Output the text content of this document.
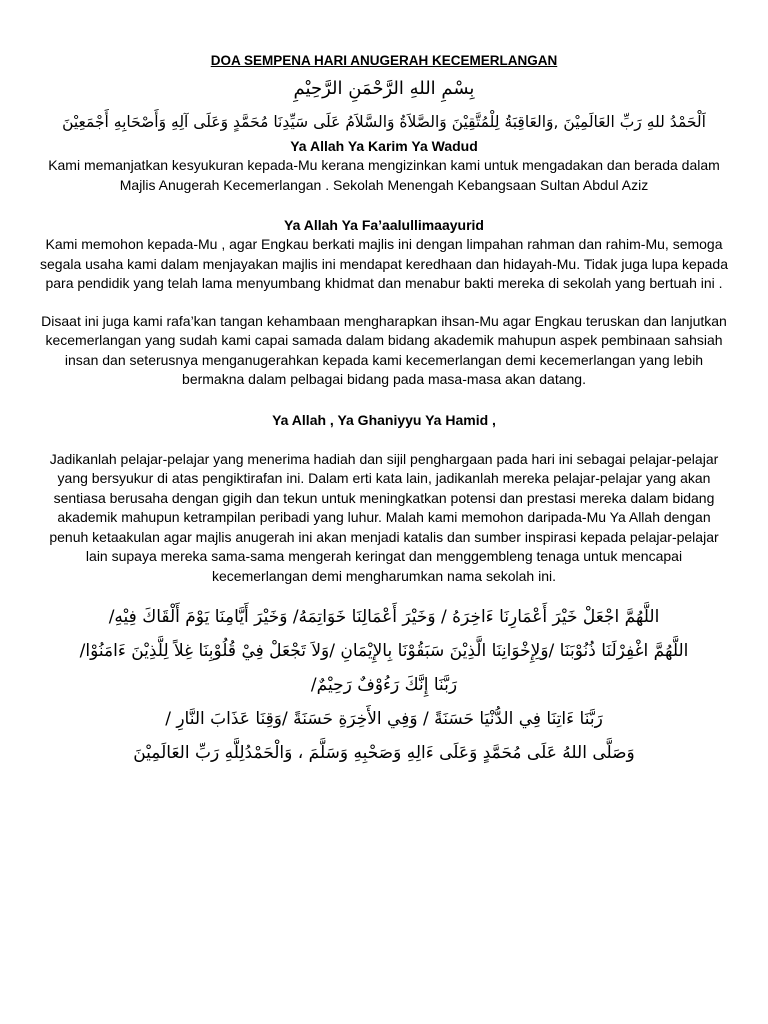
DOA SEMPENA HARI ANUGERAH KECEMERLANGAN

بِسْمِ اللهِ الرَّحْمَنِ الرَّحِيْمِ

اَلْحَمْدُ للهِ رَبِّ العَالَمِيْنَ ,وَالعَاقِبَةُ لِلْمُتَّقِيْنَ وَالصَّلاَةُ وَالسَّلاَمُ عَلَى سَيِّدِنَا مُحَمَّدٍ وَعَلَى آلِهِ وَأَصْحَابِهِ أَجْمَعِيْنَ

Ya Allah Ya Karim Ya Wadud

Kami memanjatkan kesyukuran kepada-Mu kerana mengizinkan kami untuk mengadakan dan berada dalam

Majlis Anugerah Kecemerlangan . Sekolah Menengah Kebangsaan Sultan Abdul Aziz

Ya Allah Ya Fa’aalullimaayurid

Kami memohon kepada-Mu , agar Engkau berkati majlis ini dengan limpahan rahman dan rahim-Mu, semoga segala usaha kami dalam menjayakan majlis ini mendapat keredhaan dan hidayah-Mu. Tidak juga lupa kepada para pendidik yang telah lama menyumbang khidmat dan menabur bakti mereka di sekolah yang bertuah ini .

Disaat ini juga kami rafa’kan tangan kehambaan mengharapkan ihsan-Mu agar Engkau teruskan dan lanjutkan kecemerlangan yang sudah kami capai samada dalam bidang akademik mahupun aspek pembinaan sahsiah insan dan seterusnya menganugerahkan kepada kami kecemerlangan demi kecemerlangan yang lebih bermakna dalam pelbagai bidang pada masa-masa akan datang.

Ya Allah , Ya Ghaniyyu Ya Hamid ,

Jadikanlah pelajar-pelajar yang menerima hadiah dan sijil penghargaan pada hari ini sebagai pelajar-pelajar yang bersyukur di atas pengiktirafan ini. Dalam erti kata lain, jadikanlah mereka pelajar-pelajar yang akan sentiasa berusaha dengan gigih dan tekun untuk meningkatkan potensi dan prestasi mereka dalam bidang akademik mahupun ketrampilan peribadi yang luhur. Malah kami memohon daripada-Mu Ya Allah dengan penuh ketaakulan agar majlis anugerah ini akan menjadi katalis dan sumber inspirasi kepada pelajar-pelajar lain supaya mereka sama-sama mengerah keringat dan menggembleng tenaga untuk mencapai kecemerlangan demi mengharumkan nama sekolah ini.

اللَّهُمَّ اجْعَلْ خَيْرَ أَعْمَارِنَا ءَاخِرَهُ / وَخَيْرَ أَعْمَالِنَا خَوَاتِمَهُ/ وَخَيْرَ أَيَّامِنَا يَوْمَ أَلْقَاكَ فِيْهِ/

اللَّهُمَّ اغْفِرْلَنَا ذُنُوْبَنَا /وَلِإِخْوَانِنَا الَّذِيْنَ سَبَقُوْنَا بِالإِيْمَانِ /وَلاَ تَجْعَلْ فِيْ قُلُوْبِنَا غِلاً لِلَّذِيْنَ ءَامَنُوْا/

رَبَّنَا إِنَّكَ رَءُوْفٌ رَحِيْمٌ/

رَبَّنَا ءَاتِنَا فِي الدُّنْيَا حَسَنَةً / وَفِي الأَخِرَةِ حَسَنَةً /وَقِنَا عَذَابَ النَّارِ /

وَصَلَّى اللهُ عَلَى مُحَمَّدٍ وَعَلَى ءَالِهِ وَصَحْبِهِ وَسَلَّمَ ، وَالْحَمْدُلِلَّهِ رَبِّ العَالَمِيْنَ
